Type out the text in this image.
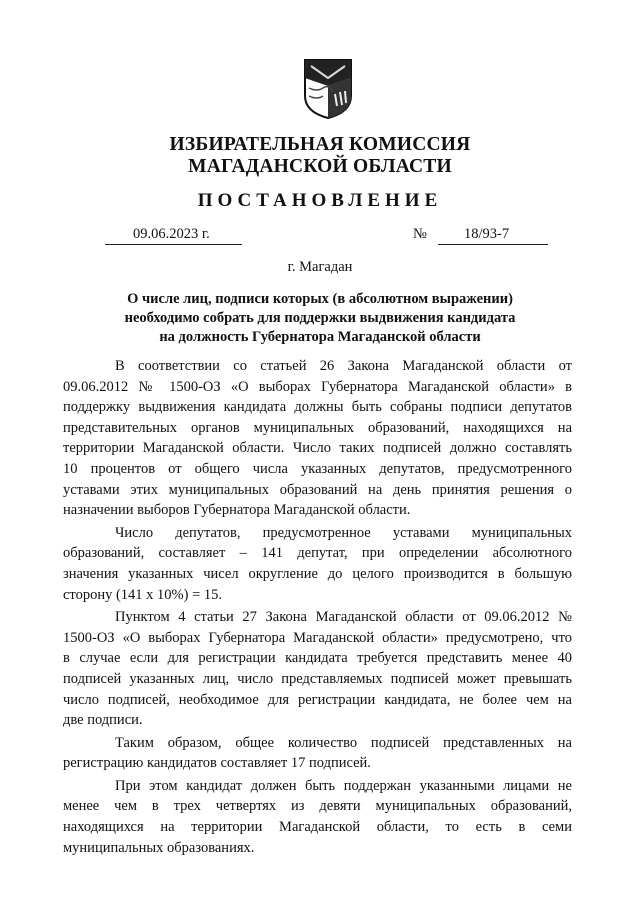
ИЗБИРАТЕЛЬНАЯ КОМИССИЯ
МАГАДАНСКОЙ ОБЛАСТИ
ПОСТАНОВЛЕНИЕ
09.06.2023 г.	№	18/93-7
г. Магадан
О числе лиц, подписи которых (в абсолютном выражении)
необходимо собрать для поддержки выдвижения кандидата
на должность Губернатора Магаданской области
В соответствии со статьей 26 Закона Магаданской области от
09.06.2012 № 1500-ОЗ «О выборах Губернатора Магаданской области» в
поддержку выдвижения кандидата должны быть собраны подписи депутатов
представительных органов муниципальных образований, находящихся на
территории Магаданской области. Число таких подписей должно составлять
10 процентов от общего числа указанных депутатов, предусмотренного
уставами этих муниципальных образований на день принятия решения о
назначении выборов Губернатора Магаданской области.
Число депутатов, предусмотренное уставами муниципальных
образований, составляет – 141 депутат, при определении абсолютного
значения указанных чисел округление до целого производится в большую
сторону (141 х 10%) = 15.
Пунктом 4 статьи 27 Закона Магаданской области от 09.06.2012 №
1500-ОЗ «О выборах Губернатора Магаданской области» предусмотрено, что
в случае если для регистрации кандидата требуется представить менее 40
подписей указанных лиц, число представляемых подписей может превышать
число подписей, необходимое для регистрации кандидата, не более чем на
две подписи.
Таким образом, общее количество подписей представленных на
регистрацию кандидатов составляет 17 подписей.
При этом кандидат должен быть поддержан указанными лицами не
менее чем в трех четвертях из девяти муниципальных образований,
находящихся на территории Магаданской области, то есть в семи
муниципальных образованиях.
